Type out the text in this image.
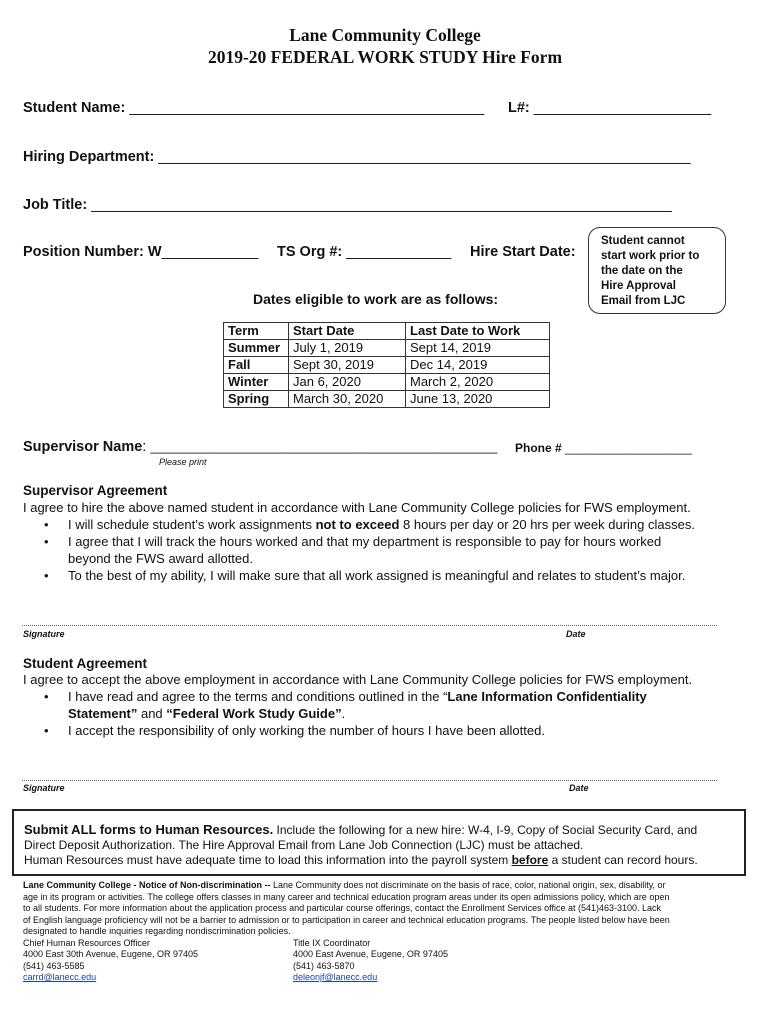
Lane Community College
2019-20 FEDERAL WORK STUDY Hire Form
Student Name: ____________________________________________ L#: ______________________
Hiring Department: __________________________________________________________________
Job Title: ________________________________________________________________________
Position Number: W____________ TS Org #: _____________ Hire Start Date:
Student cannot
start work prior to
the date on the
Hire Approval
Email from LJC
Dates eligible to work are as follows:
Term	Start Date	Last Date to Work
Summer	July 1, 2019	Sept 14, 2019
Fall	Sept 30, 2019	Dec 14, 2019
Winter	Jan 6, 2020	March 2, 2020
Spring	March 30, 2020	June 13, 2020
Supervisor Name: ________________________________________________ Phone # ___________________
Please print
Supervisor Agreement
I agree to hire the above named student in accordance with Lane Community College policies for FWS employment.
• I will schedule student’s work assignments not to exceed 8 hours per day or 20 hrs per week during classes.
• I agree that I will track the hours worked and that my department is responsible to pay for hours worked
beyond the FWS award allotted.
• To the best of my ability, I will make sure that all work assigned is meaningful and relates to student’s major.
Signature	Date
Student Agreement
I agree to accept the above employment in accordance with Lane Community College policies for FWS employment.
• I have read and agree to the terms and conditions outlined in the “Lane Information Confidentiality
Statement” and “Federal Work Study Guide”.
• I accept the responsibility of only working the number of hours I have been allotted.
Signature	Date
Submit ALL forms to Human Resources. Include the following for a new hire: W-4, I-9, Copy of Social Security Card, and
Direct Deposit Authorization. The Hire Approval Email from Lane Job Connection (LJC) must be attached.
Human Resources must have adequate time to load this information into the payroll system before a student can record hours.
Lane Community College - Notice of Non-discrimination -- Lane Community does not discriminate on the basis of race, color, national origin, sex, disability, or
age in its program or activities. The college offers classes in many career and technical education program areas under its open admissions policy, which are open
to all students. For more information about the application process and particular course offerings, contact the Enrollment Services office at (541)463-3100. Lack
of English language proficiency will not be a barrier to admission or to participation in career and technical education programs. The people listed below have been
designated to handle inquiries regarding nondiscrimination policies.
Chief Human Resources Officer
4000 East 30th Avenue, Eugene, OR 97405
(541) 463-5585
carrd@lanecc.edu
Title IX Coordinator
4000 East Avenue, Eugene, OR 97405
(541) 463-5870
deleonjf@lanecc.edu
